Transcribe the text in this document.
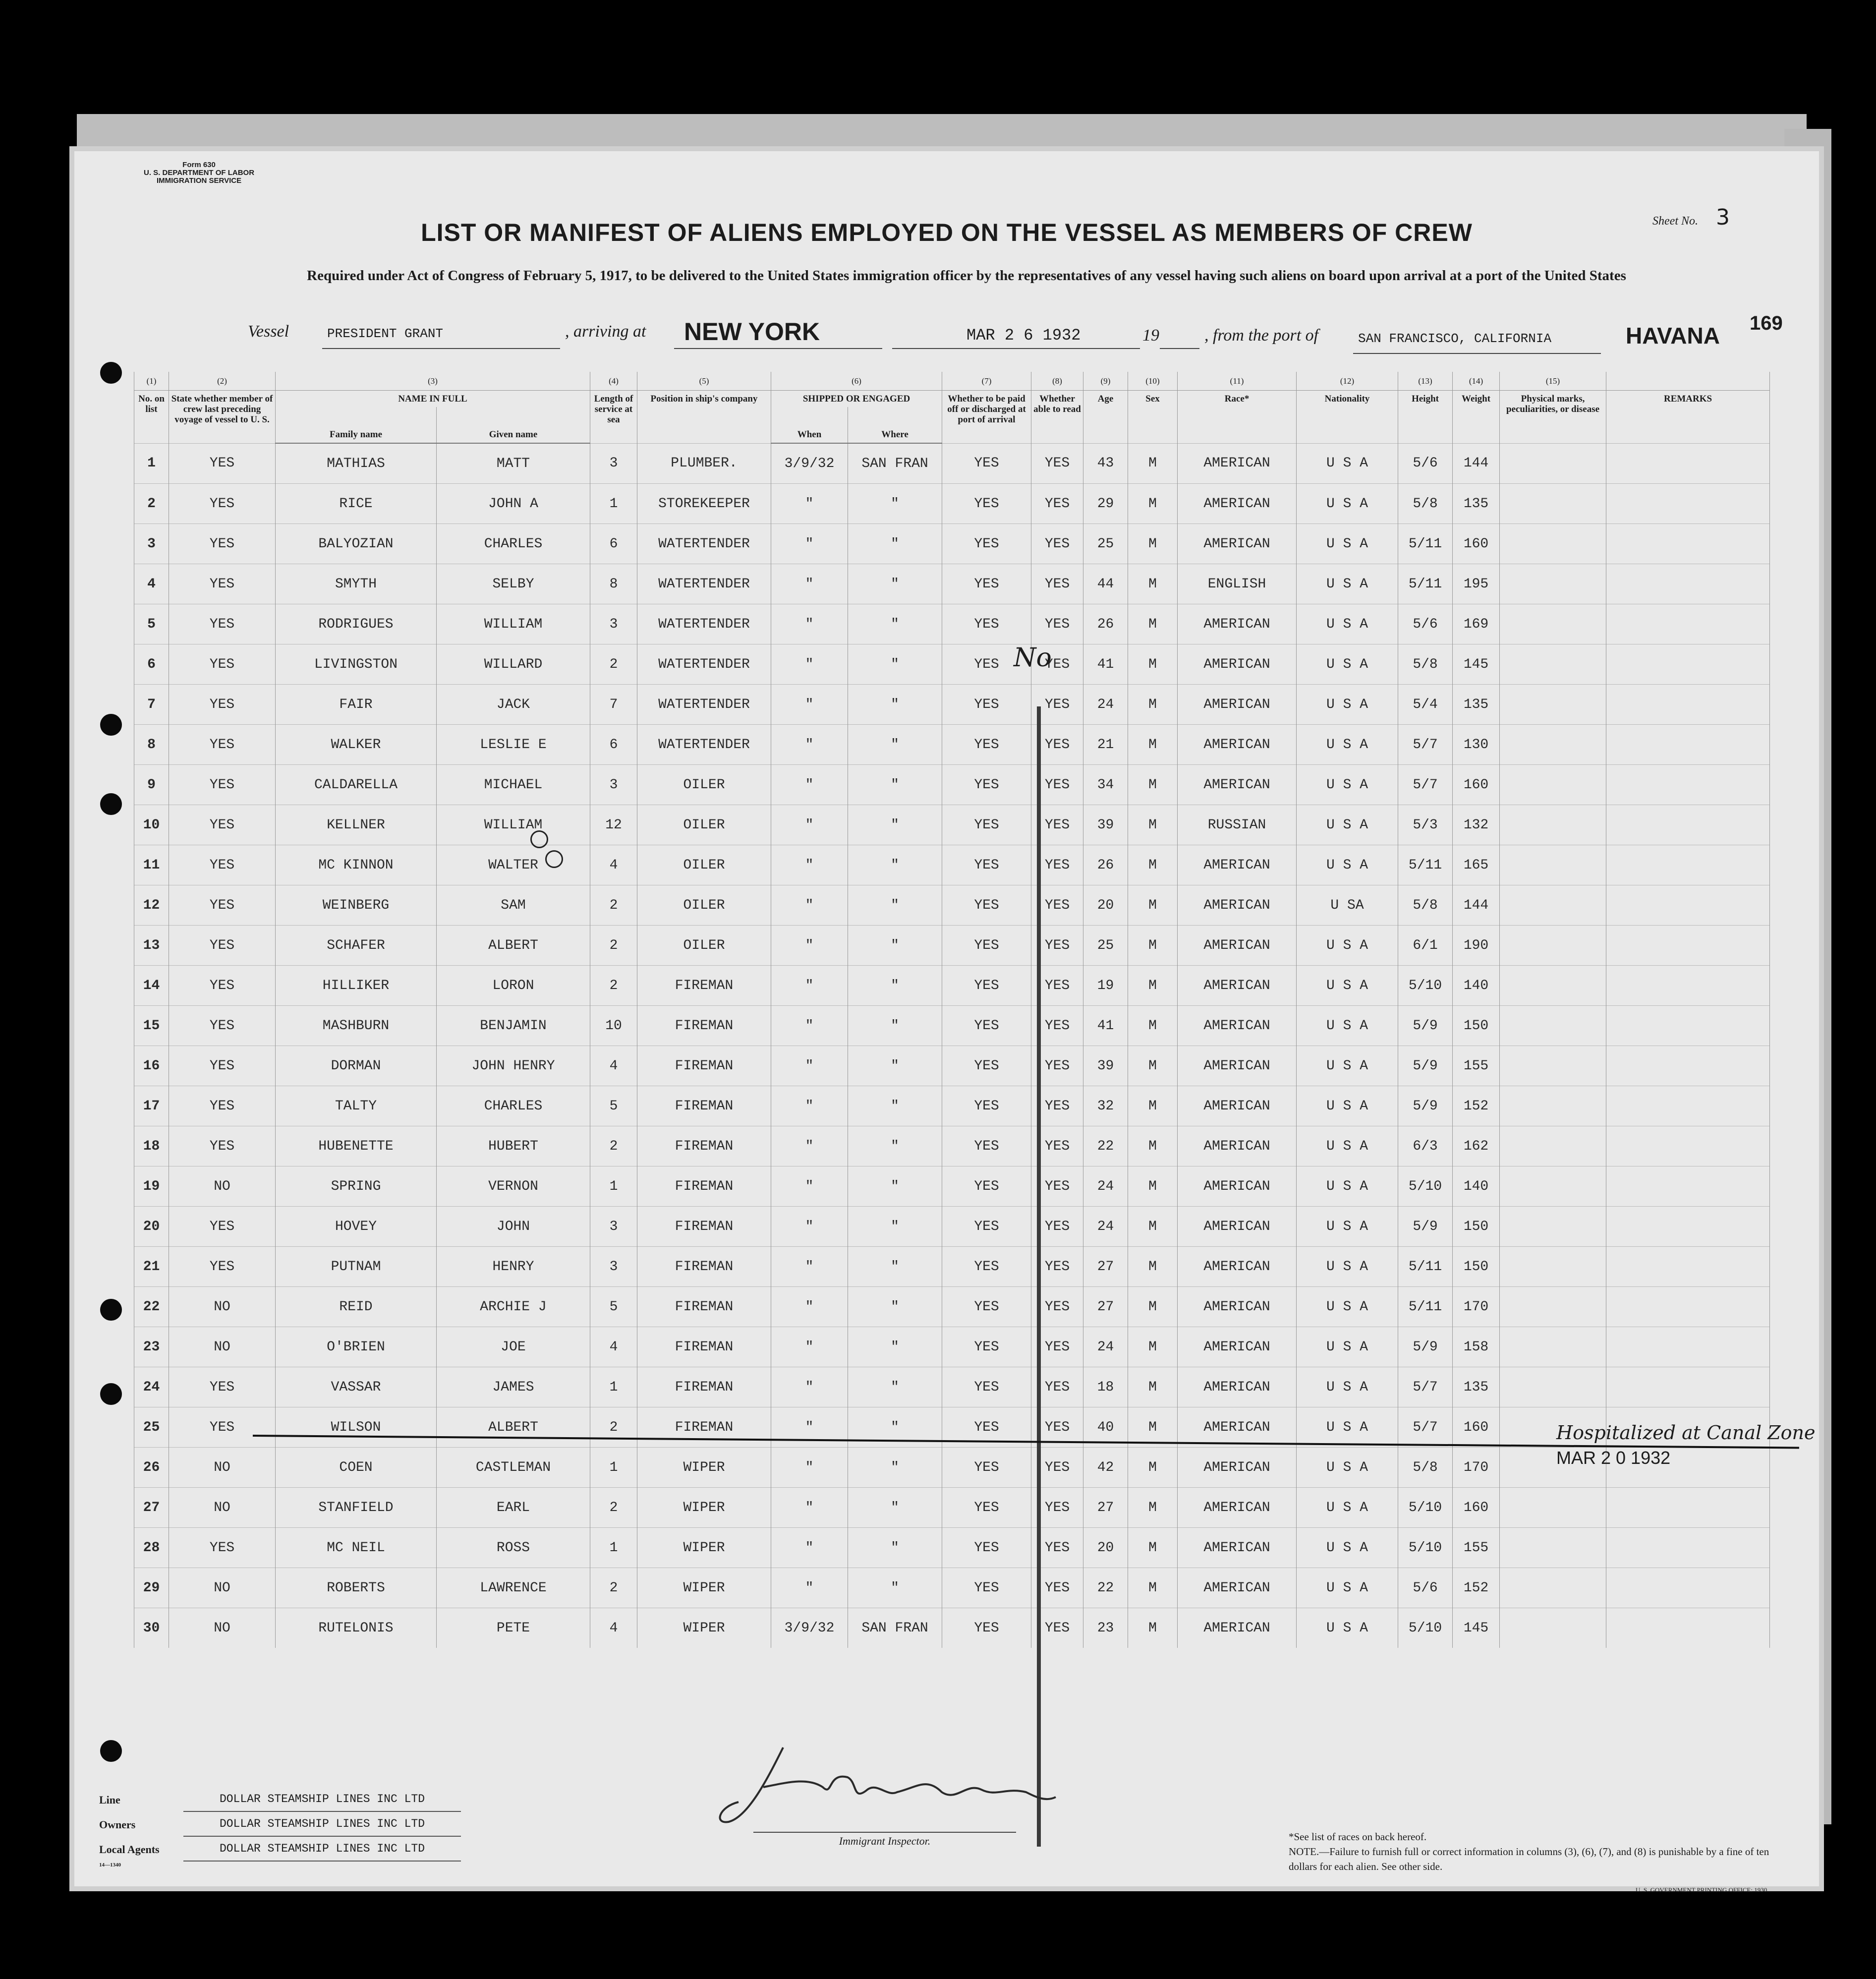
Form 630
U. S. DEPARTMENT OF LABOR
IMMIGRATION SERVICE
Sheet No. 3
LIST OR MANIFEST OF ALIENS EMPLOYED ON THE VESSEL AS MEMBERS OF CREW
Required under Act of Congress of February 5, 1917, to be delivered to the United States immigration officer by the representatives of any vessel having such aliens on board upon arrival at a port of the United States
Vessel	PRESIDENT GRANT	, arriving at NEW YORK	MAR 2 6 1932	19	, from the port of	SAN FRANCISCO, CALIFORNIA	HAVANA 169
(1)	(2)	(3)		(4)	(5)	(6)		(7)	(8)	(9)	(10)	(11)	(12)	(13)	(14)	(15)	
No. on list	State whether member of crew last preceding voyage of vessel to U. S.	NAME IN FULL		Length of service at sea	Position in ship's company	SHIPPED OR ENGAGED		Whether to be paid off or discharged at port of arrival	Whether able to read	Age	Sex	Race*	Nationality	Height	Weight	Physical marks, peculiarities, or disease	REMARKS
		Family name	Given name			When	Where										
1	YES	MATHIAS	MATT	3	PLUMBER.	3/9/32	SAN FRAN	YES	YES	43	M	AMERICAN	U S A	5/6	144		
2	YES	RICE	JOHN A	1	STOREKEEPER	"	"	YES	YES	29	M	AMERICAN	U S A	5/8	135		
3	YES	BALYOZIAN	CHARLES	6	WATERTENDER	"	"	YES	YES	25	M	AMERICAN	U S A	5/11	160		
4	YES	SMYTH	SELBY	8	WATERTENDER	"	"	YES	YES	44	M	ENGLISH	U S A	5/11	195		
5	YES	RODRIGUES	WILLIAM	3	WATERTENDER	"	"	YES	YES	26	M	AMERICAN	U S A	5/6	169		
6	YES	LIVINGSTON	WILLARD	2	WATERTENDER	"	"	YES	YES	41	M	AMERICAN	U S A	5/8	145		
7	YES	FAIR	JACK	7	WATERTENDER	"	"	YES	YES	24	M	AMERICAN	U S A	5/4	135		
8	YES	WALKER	LESLIE E	6	WATERTENDER	"	"	YES	YES	21	M	AMERICAN	U S A	5/7	130		
9	YES	CALDARELLA	MICHAEL	3	OILER	"	"	YES	YES	34	M	AMERICAN	U S A	5/7	160		
10	YES	KELLNER	WILLIAM	12	OILER	"	"	YES	YES	39	M	RUSSIAN	U S A	5/3	132		
11	YES	MC KINNON	WALTER	4	OILER	"	"	YES	YES	26	M	AMERICAN	U S A	5/11	165		
12	YES	WEINBERG	SAM	2	OILER	"	"	YES	YES	20	M	AMERICAN	U SA	5/8	144		
13	YES	SCHAFER	ALBERT	2	OILER	"	"	YES	YES	25	M	AMERICAN	U S A	6/1	190		
14	YES	HILLIKER	LORON	2	FIREMAN	"	"	YES	YES	19	M	AMERICAN	U S A	5/10	140		
15	YES	MASHBURN	BENJAMIN	10	FIREMAN	"	"	YES	YES	41	M	AMERICAN	U S A	5/9	150		
16	YES	DORMAN	JOHN HENRY	4	FIREMAN	"	"	YES	YES	39	M	AMERICAN	U S A	5/9	155		
17	YES	TALTY	CHARLES	5	FIREMAN	"	"	YES	YES	32	M	AMERICAN	U S A	5/9	152		
18	YES	HUBENETTE	HUBERT	2	FIREMAN	"	"	YES	YES	22	M	AMERICAN	U S A	6/3	162		
19	NO	SPRING	VERNON	1	FIREMAN	"	"	YES	YES	24	M	AMERICAN	U S A	5/10	140		
20	YES	HOVEY	JOHN	3	FIREMAN	"	"	YES	YES	24	M	AMERICAN	U S A	5/9	150		
21	YES	PUTNAM	HENRY	3	FIREMAN	"	"	YES	YES	27	M	AMERICAN	U S A	5/11	150		
22	NO	REID	ARCHIE J	5	FIREMAN	"	"	YES	YES	27	M	AMERICAN	U S A	5/11	170		
23	NO	O'BRIEN	JOE	4	FIREMAN	"	"	YES	YES	24	M	AMERICAN	U S A	5/9	158		
24	YES	VASSAR	JAMES	1	FIREMAN	"	"	YES	YES	18	M	AMERICAN	U S A	5/7	135		
25	YES	WILSON	ALBERT	2	FIREMAN	"	"	YES	YES	40	M	AMERICAN	U S A	5/7	160		
26	NO	COEN	CASTLEMAN	1	WIPER	"	"	YES	YES	42	M	AMERICAN	U S A	5/8	170		
27	NO	STANFIELD	EARL	2	WIPER	"	"	YES	YES	27	M	AMERICAN	U S A	5/10	160		
28	YES	MC NEIL	ROSS	1	WIPER	"	"	YES	YES	20	M	AMERICAN	U S A	5/10	155		
29	NO	ROBERTS	LAWRENCE	2	WIPER	"	"	YES	YES	22	M	AMERICAN	U S A	5/6	152		
30	NO	RUTELONIS	PETE	4	WIPER	3/9/32	SAN FRAN	YES	YES	23	M	AMERICAN	U S A	5/10	145		
No
Hospitalized at Canal Zone
MAR 2 0 1932
Line	DOLLAR STEAMSHIP LINES INC LTD
Owners	DOLLAR STEAMSHIP LINES INC LTD
Local Agents	DOLLAR STEAMSHIP LINES INC LTD
14—1340
Immigrant Inspector.	*See list of races on back hereof.
NOTE.—Failure to furnish full or correct information in columns (3), (6), (7), and (8) is punishable by a fine of ten dollars for each alien. See other side.
U. S. GOVERNMENT PRINTING OFFICE: 1930
